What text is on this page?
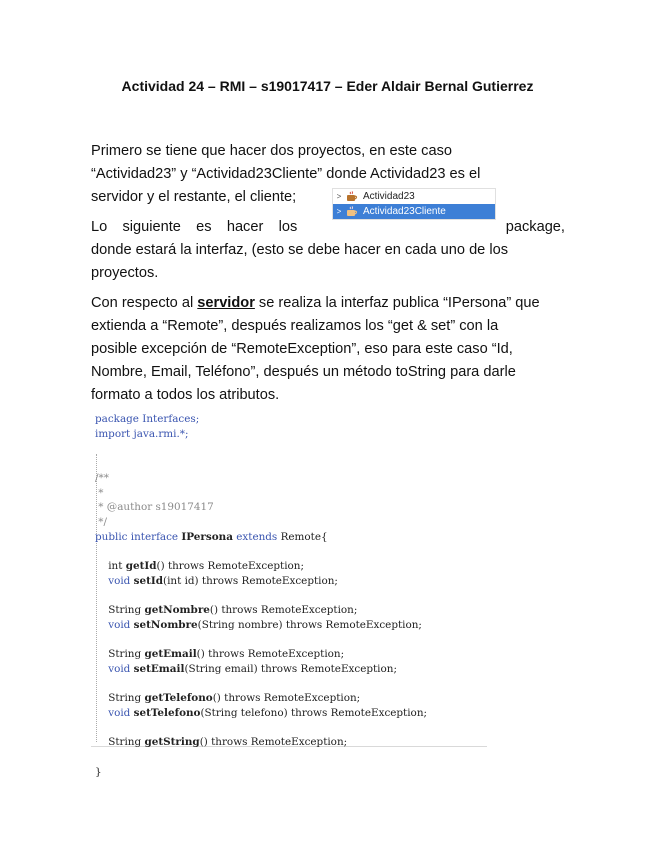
Actividad 24 – RMI – s19017417 – Eder Aldair Bernal Gutierrez
Primero se tiene que hacer dos proyectos, en este caso
“Actividad23” y “Actividad23Cliente” donde Actividad23 es el
servidor y el restante, el cliente;	>	Actividad23
>	Actividad23Cliente
Lo siguiente es hacer los	package,
donde estará la interfaz, (esto se debe hacer en cada uno de los
proyectos.
Con respecto al servidor se realiza la interfaz publica “IPersona” que
extienda a “Remote”, después realizamos los “get & set” con la
posible excepción de “RemoteException”, eso para este caso “Id,
Nombre, Email, Teléfono”, después un método toString para darle
formato a todos los atributos.
package Interfaces;
import java.rmi.*;

/**
*
* @author s19017417
*/
public interface IPersona extends Remote{

int getId() throws RemoteException;
void setId(int id) throws RemoteException;

String getNombre() throws RemoteException;
void setNombre(String nombre) throws RemoteException;

String getEmail() throws RemoteException;
void setEmail(String email) throws RemoteException;

String getTelefono() throws RemoteException;
void setTelefono(String telefono) throws RemoteException;

String getString() throws RemoteException;

}
